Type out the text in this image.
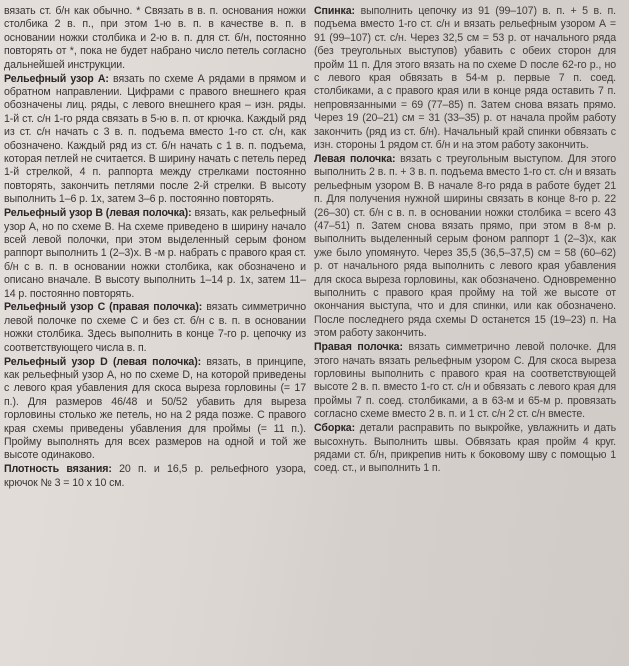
вязать ст. б/н как обычно. * Связать в в. п. основания ножки столбика 2 в. п., при этом 1-ю в. п. в качестве в. п. в основании ножки столбика и 2-ю в. п. для ст. б/н, постоянно повторять от *, пока не будет набрано число петель согласно дальнейшей инструкции.

Рельефный узор А: вязать по схеме А рядами в прямом и обратном направлении. Цифрами с правого внешнего края обозначены лиц. ряды, с левого внешнего края – изн. ряды. 1-й ст. с/н 1-го ряда связать в 5-ю в. п. от крючка. Каждый ряд из ст. с/н начать с 3 в. п. подъема вместо 1-го ст. с/н, как обозначено. Каждый ряд из ст. б/н начать с 1 в. п. подъема, которая петлей не считается. В ширину начать с петель перед 1-й стрелкой, 4 п. раппорта между стрелками постоянно повторять, закончить петлями после 2-й стрелки. В высоту выполнить 1–6 р. 1х, затем 3–6 р. постоянно повторять.

Рельефный узор В (левая полочка): вязать, как рельефный узор А, но по схеме В. На схеме приведено в ширину начало всей левой полочки, при этом выделенный серым фоном раппорт выполнить 1 (2–3)х. В -м р. набрать с правого края ст. б/н с в. п. в основании ножки столбика, как обозначено и описано вначале. В высоту выполнить 1–14 р. 1х, затем 11–14 р. постоянно повторять.

Рельефный узор С (правая полочка): вязать симметрично левой полочке по схеме С и без ст. б/н с в. п. в основании ножки столбика. Здесь выполнить в конце 7-го р. цепочку из соответствующего числа в. п.

Рельефный узор D (левая полочка): вязать, в принципе, как рельефный узор А, но по схеме D, на которой приведены с левого края убавления для скоса выреза горловины (= 17 п.). Для размеров 46/48 и 50/52 убавить для выреза горловины столько же петель, но на 2 ряда позже. С правого края схемы приведены убавления для проймы (= 11 п.). Пройму выполнять для всех размеров на одной и той же высоте одинаково.

Плотность вязания: 20 п. и 16,5 р. рельефного узора, крючок № 3 = 10 x 10 см.

Спинка: выполнить цепочку из 91 (99–107) в. п. + 5 в. п. подъема вместо 1-го ст. с/н и вязать рельефным узором А = 91 (99–107) ст. с/н. Через 32,5 см = 53 р. от начального ряда (без треугольных выступов) убавить с обеих сторон для пройм 11 п. Для этого вязать на по схеме D после 62-го р., но с левого края обвязать в 54-м р. первые 7 п. соед. столбиками, а с правого края или в конце ряда оставить 7 п. непровязанными = 69 (77–85) п. Затем снова вязать прямо. Через 19 (20–21) см = 31 (33–35) р. от начала пройм работу закончить (ряд из ст. б/н). Начальный край спинки обвязать с изн. стороны 1 рядом ст. б/н и на этом работу закончить.

Левая полочка: вязать с треугольным выступом. Для этого выполнить 2 в. п. + 3 в. п. подъема вместо 1-го ст. с/н и вязать рельефным узором В. В начале 8-го ряда в работе будет 21 п. Для получения нужной ширины связать в конце 8-го р. 22 (26–30) ст. б/н с в. п. в основании ножки столбика = всего 43 (47–51) п. Затем снова вязать прямо, при этом в 8-м р. выполнить выделенный серым фоном раппорт 1 (2–3)х, как уже было упомянуто. Через 35,5 (36,5–37,5) см = 58 (60–62) р. от начального ряда выполнить с левого края убавления для скоса выреза горловины, как обозначено. Одновременно выполнить с правого края пройму на той же высоте от окончания выступа, что и для спинки, или как обозначено. После последнего ряда схемы D останется 15 (19–23) п. На этом работу закончить.

Правая полочка: вязать симметрично левой полочке. Для этого начать вязать рельефным узором С. Для скоса выреза горловины выполнить с правого края на соответствующей высоте 2 в. п. вместо 1-го ст. с/н и обвязать с левого края для проймы 7 п. соед. столбиками, а в 63-м и 65-м р. провязать согласно схеме вместо 2 в. п. и 1 ст. с/н 2 ст. с/н вместе.

Сборка: детали расправить по выкройке, увлажнить и дать высохнуть. Выполнить швы. Обвязать края пройм 4 круг. рядами ст. б/н, прикрепив нить к боковому шву с помощью 1 соед. ст., и выполнить 1 п.
